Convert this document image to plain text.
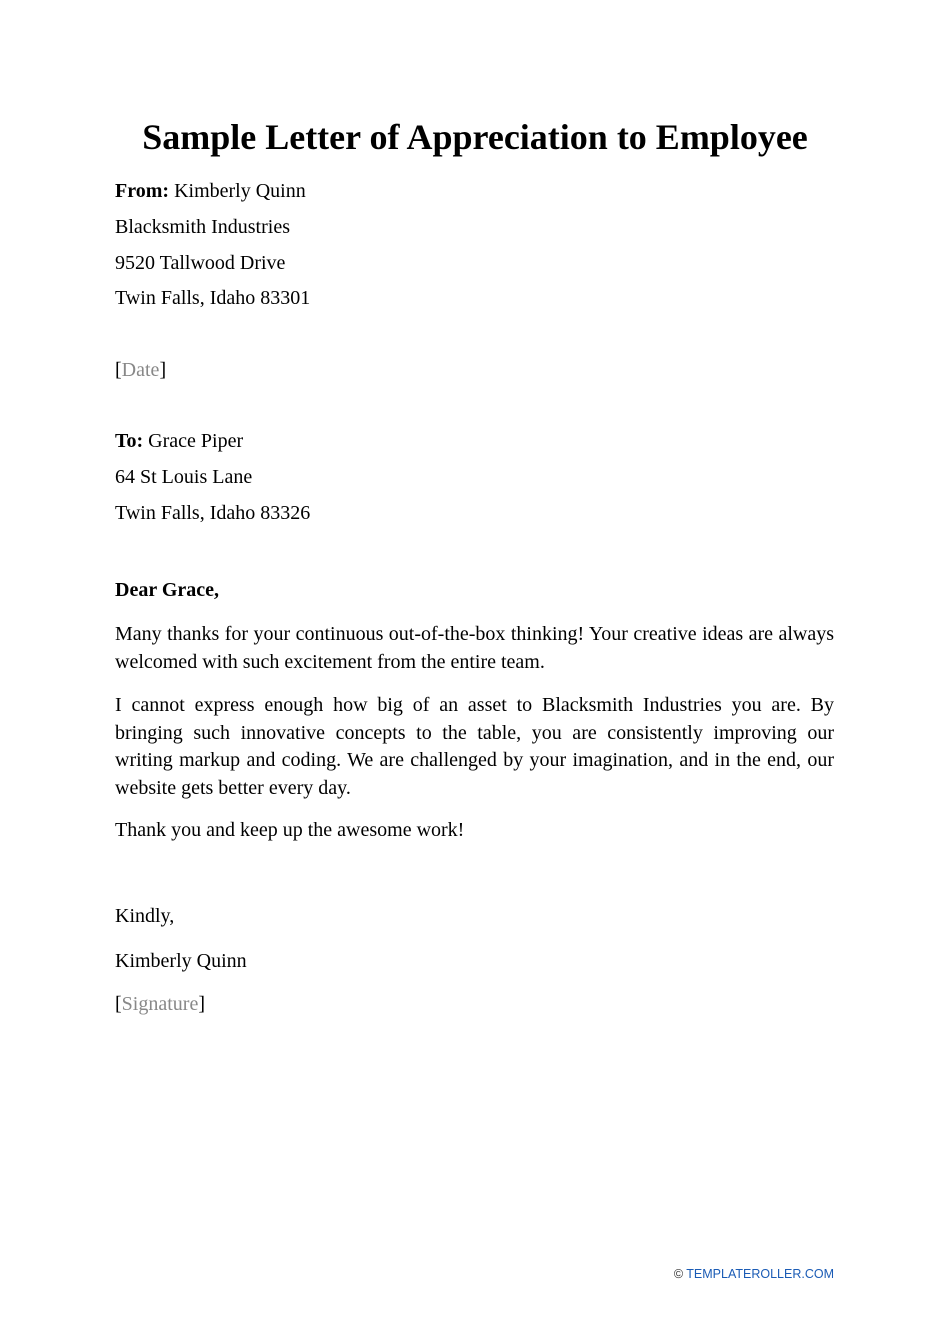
Sample Letter of Appreciation to Employee
From: Kimberly Quinn
Blacksmith Industries
9520 Tallwood Drive
Twin Falls, Idaho 83301
[Date]
To: Grace Piper
64 St Louis Lane
Twin Falls, Idaho 83326
Dear Grace,

Many thanks for your continuous out-of-the-box thinking! Your creative ideas are always welcomed with such excitement from the entire team.

I cannot express enough how big of an asset to Blacksmith Industries you are. By bringing such innovative concepts to the table, you are consistently improving our writing markup and coding. We are challenged by your imagination, and in the end, our website gets better every day.

Thank you and keep up the awesome work!

Kindly,
Kimberly Quinn
[Signature]
© TEMPLATEROLLER.COM
